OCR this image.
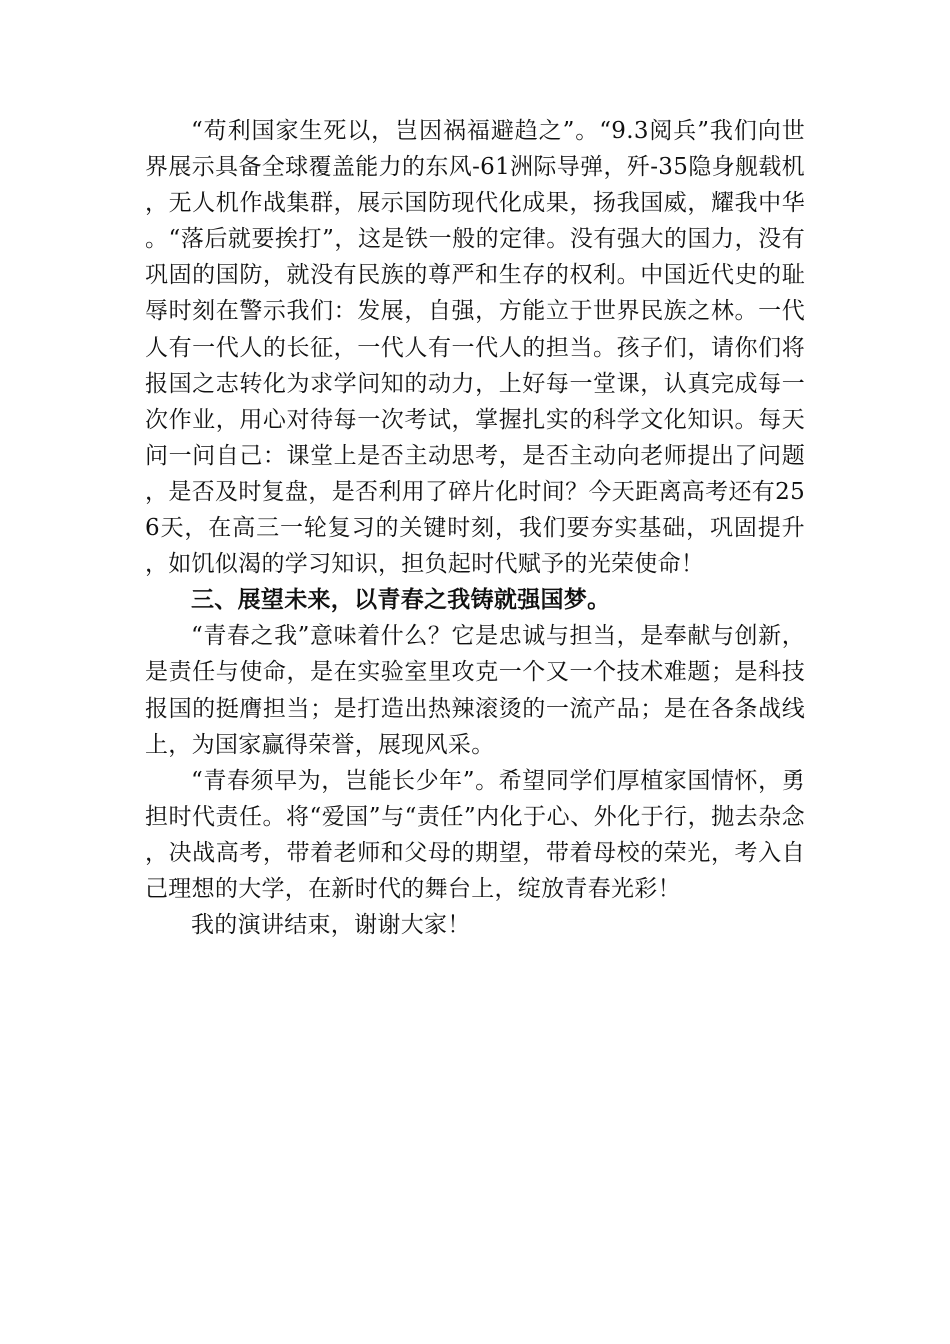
“苟利国家生死以，岂因祸福避趋之”。“9.3阅兵”我们向世界展示具备全球覆盖能力的东风-61洲际导弹，歼-35隐身舰载机，无人机作战集群，展示国防现代化成果，扬我国威，耀我中华。“落后就要挨打”，这是铁一般的定律。没有强大的国力，没有巩固的国防，就没有民族的尊严和生存的权利。中国近代史的耻辱时刻在警示我们：发展，自强，方能立于世界民族之林。一代人有一代人的长征，一代人有一代人的担当。孩子们，请你们将报国之志转化为求学问知的动力，上好每一堂课，认真完成每一次作业，用心对待每一次考试，掌握扎实的科学文化知识。每天问一问自己：课堂上是否主动思考，是否主动向老师提出了问题，是否及时复盘，是否利用了碎片化时间？今天距离高考还有256天，在高三一轮复习的关键时刻，我们要夯实基础，巩固提升，如饥似渴的学习知识，担负起时代赋予的光荣使命！

三、展望未来，以青春之我铸就强国梦。

“青春之我”意味着什么？它是忠诚与担当，是奉献与创新，是责任与使命，是在实验室里攻克一个又一个技术难题；是科技报国的挺膺担当；是打造出热辣滚烫的一流产品；是在各条战线上，为国家赢得荣誉，展现风采。

“青春须早为，岂能长少年”。希望同学们厚植家国情怀，勇担时代责任。将“爱国”与“责任”内化于心、外化于行，抛去杂念，决战高考，带着老师和父母的期望，带着母校的荣光，考入自己理想的大学，在新时代的舞台上，绽放青春光彩！

我的演讲结束，谢谢大家！
